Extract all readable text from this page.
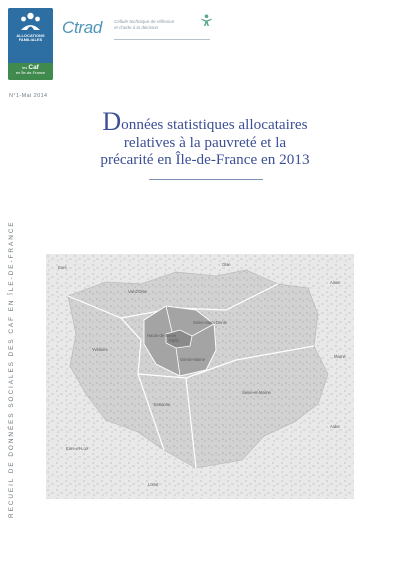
ALLOCATIONS
FAMILIALES
les Caf
en Île-de-France
Ctrad	Cellule technique de réflexion
et d’aide à la décision
N°1-Mai 2014
RECUEIL DE DONNÉES SOCIALES DES CAF EN ÎLE-DE-FRANCE
Données statistiques allocataires
relatives à la pauvreté et la
précarité en Île-de-France en 2013
Eure
Oise
Aisne
Val-d'Oise
Seine-Saint-Denis
Hauts-de-Seine
Paris
Yvelines
Val-de-Marne
Marne
Seine-et-Marne
Essonne
Aube
Eure-et-Loir
Loiret
